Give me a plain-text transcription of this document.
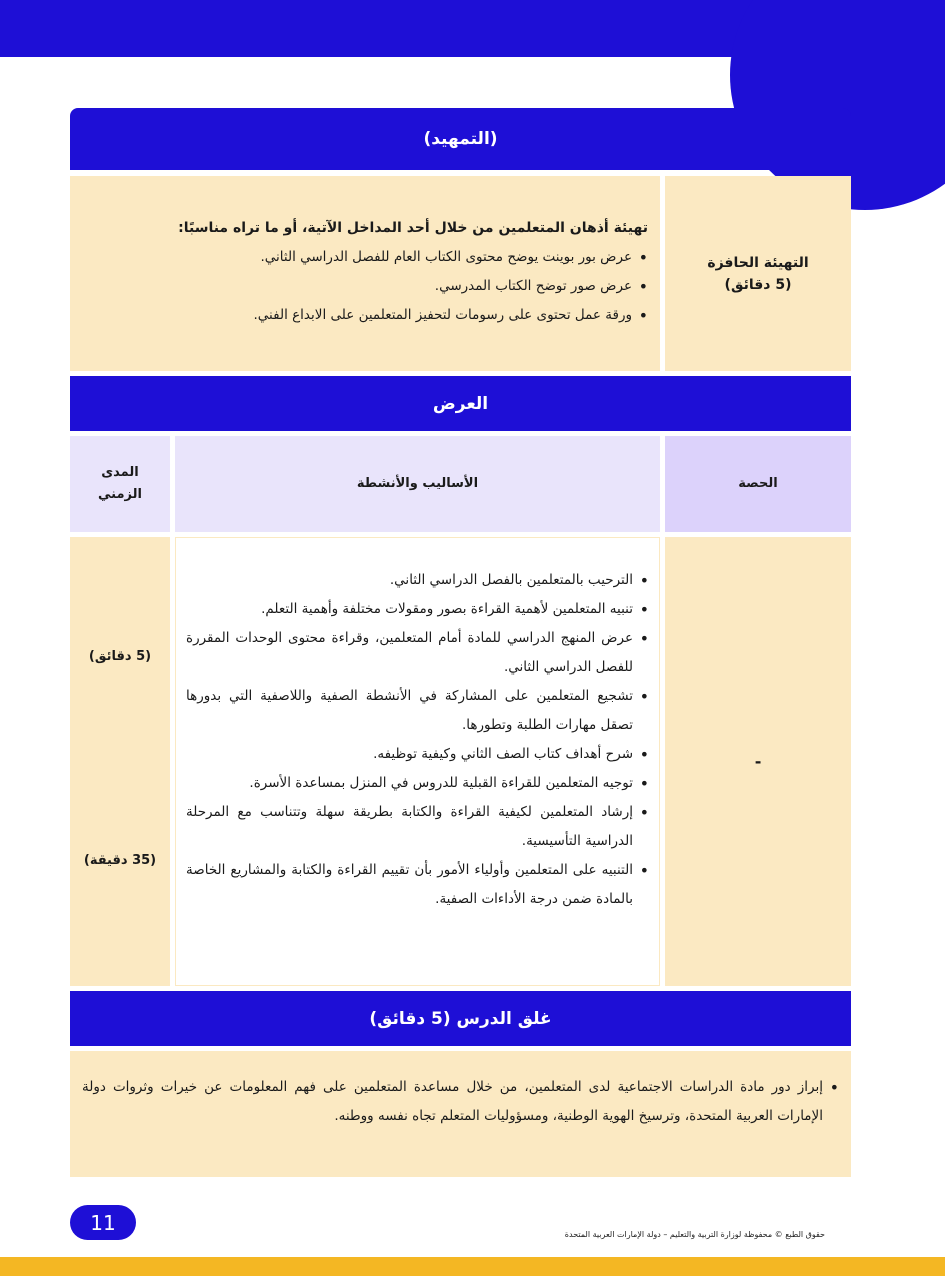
(التمهيد)
التهيئة الحافزة
(5 دقائق)
تهيئة أذهان المتعلمين من خلال أحد المداخل الآتية، أو ما تراه مناسبًا:
• عرض بور بوينت يوضح محتوى الكتاب العام للفصل الدراسي الثاني.
• عرض صور توضح الكتاب المدرسي.
• ورقة عمل تحتوى على رسومات لتحفيز المتعلمين على الابداع الفني.
العرض
الحصة
الأساليب والأنشطة
المدى الزمني
-
• الترحيب بالمتعلمين بالفصل الدراسي الثاني.
• تنبيه المتعلمين لأهمية القراءة بصور ومقولات مختلفة وأهمية التعلم.
• عرض المنهج الدراسي للمادة أمام المتعلمين، وقراءة محتوى الوحدات المقررة للفصل الدراسي الثاني.
• تشجيع المتعلمين على المشاركة في الأنشطة الصفية واللاصفية التي بدورها تصقل مهارات الطلبة وتطورها.
• شرح أهداف كتاب الصف الثاني وكيفية توظيفه.
• توجيه المتعلمين للقراءة القبلية للدروس في المنزل بمساعدة الأسرة.
• إرشاد المتعلمين لكيفية القراءة والكتابة بطريقة سهلة وتتناسب مع المرحلة الدراسية التأسيسية.
• التنبيه على المتعلمين وأولياء الأمور بأن تقييم القراءة والكتابة والمشاريع الخاصة بالمادة ضمن درجة الأداءات الصفية.
(5 دقائق)
(35 دقيقة)
غلق الدرس (5 دقائق)
• إبراز دور مادة الدراسات الاجتماعية لدى المتعلمين، من خلال مساعدة المتعلمين على فهم المعلومات عن خيرات وثروات دولة الإمارات العربية المتحدة، وترسيخ الهوية الوطنية، ومسؤوليات المتعلم تجاه نفسه ووطنه.
11	حقوق الطبع © محفوظة لوزارة التربية والتعليم – دولة الإمارات العربية المتحدة
